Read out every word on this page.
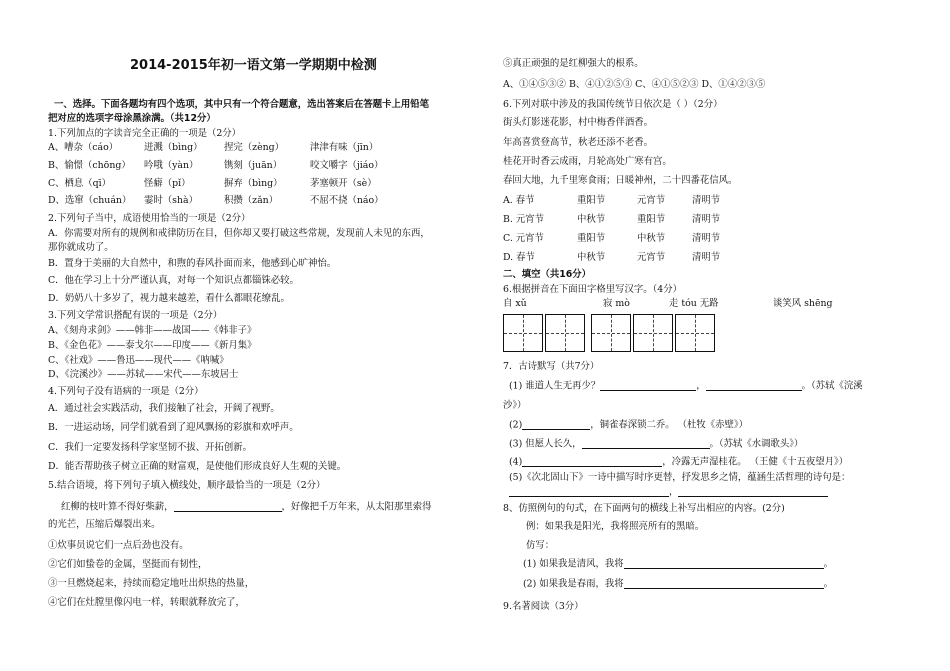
2014-2015年初一语文第一学期期中检测
一、选择。下面各题均有四个选项，其中只有一个符合题意，选出答案后在答题卡上用铅笔
把对应的选项字母涂黑涂满。（共12分）
1.下列加点的字读音完全正确的一项是（2分）
A、嘈杂（cáo）	迸溅（bìng） 捏完（zèng）	津津有味（jīn）
B、愉憬（chōng） 吟哦（yàn）	镌刻（juān）	咬文嚼字（jiáo）
C、栖息（qī）	怪癖（pǐ）	摒弃（bìng）	茅塞顿开（sè）
D、选窜（chuán） 霎时（shà）	积攒（zǎn）	不屈不挠（náo）
2.下列句子当中，成语使用恰当的一项是（2分）
A．你需要对所有的规例和戒律防历在目，但你却又要打破这些常规，发现前人未见的东西，
那你就成功了。
B．置身于美丽的大自然中，和煦的春风扑面而来，他感到心旷神怡。
C．他在学习上十分严谨认真，对每一个知识点都锱铢必较。
D．奶奶八十多岁了，视力越来越差，看什么都眼花缭乱。
3.下列文学常识搭配有误的一项是（2分）
A、《刻舟求剑》——韩非——战国——《韩非子》
B、《金色花》——泰戈尔——印度——《新月集》
C、《社戏》——鲁迅——现代——《呐喊》
D、《浣溪沙》——苏轼——宋代——东坡居士
4.下列句子没有语病的一项是（2分）
A．通过社会实践活动，我们接触了社会，开阔了视野。
B．一进运动场，同学们就看到了迎风飘扬的彩旗和欢呼声。
C．我们一定要发扬科学家坚韧不拔、开拓创新。
D．能否帮助孩子树立正确的财富观，是使他们形成良好人生观的关键。
5.结合语境，将下列句子填入横线处，顺序最恰当的一项是（2分）
红柳的枝叶算不得好柴薪，	，好像把千万年来，从太阳那里索得
的光芒，压缩后爆裂出来。
①炊事员说它们一点后劲也没有。
②它们如蛰卷的金属，坚挺而有韧性，
③一旦燃烧起来，持续而稳定地吐出炽热的热量，
④它们在灶膛里像闪电一样，转眼就释放完了，
⑤真正顽强的是红柳强大的根系。
A、①④⑤③② B、④①②⑤③ C、④①⑤②③ D、①④②③⑤
6.下列对联中涉及的我国传统节日依次是（ ）（2分）
街头灯影迷花影，村中梅香伴酒香。
年高喜赏登高节，秋老还添不老香。
桂花开时香云成雨，月轮高处广寒有宫。
春回大地，九千里寒食雨；日暖神州，二十四番花信风。
A. 春节	重阳节	元宵节	清明节
B. 元宵节	中秋节	重阳节	清明节
C. 元宵节	重阳节	中秋节	清明节
D. 春节	中秋节	元宵节	清明节
二、填空（共16分）
6.根据拼音在下面田字格里写汉字。（4分）
自 xǔ	寂 mò	走 tóu 无路	谈笑风 shēng
7．古诗默写（共7分）
(1) 谁道人生无再少？	，	。（苏轼《浣溪
沙》）
(2)	，铜雀春深锁二乔。 （杜牧《赤壁》）
(3) 但愿人长久，	。（苏轼《水调歌头》）
(4)	，冷露无声湿桂花。 （王健《十五夜望月》）
(5)《次北固山下》一诗中描写时序更替，抒发思乡之情，蕴涵生活哲理的诗句是：
，
8、仿照例句的句式，在下面两句的横线上补写出相应的内容。(2分)
例：如果我是阳光，我将照亮所有的黑暗。
仿写：
(1) 如果我是清风，我将	。
(2) 如果我是春雨，我将	。
9.名著阅读（3分）
